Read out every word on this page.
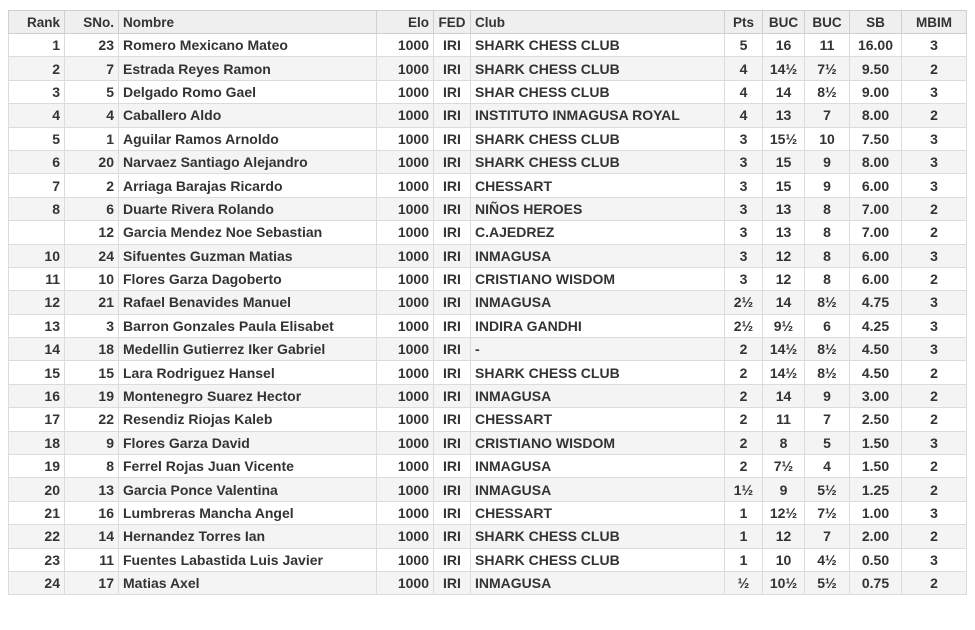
Rank	SNo.	Nombre	Elo	FED	Club	Pts	BUC	BUC	SB	MBIM
1	23	Romero Mexicano Mateo	1000	IRI	SHARK CHESS CLUB	5	16	11	16.00	3
2	7	Estrada Reyes Ramon	1000	IRI	SHARK CHESS CLUB	4	14½	7½	9.50	2
3	5	Delgado Romo Gael	1000	IRI	SHAR CHESS CLUB	4	14	8½	9.00	3
4	4	Caballero Aldo	1000	IRI	INSTITUTO INMAGUSA ROYAL	4	13	7	8.00	2
5	1	Aguilar Ramos Arnoldo	1000	IRI	SHARK CHESS CLUB	3	15½	10	7.50	3
6	20	Narvaez Santiago Alejandro	1000	IRI	SHARK CHESS CLUB	3	15	9	8.00	3
7	2	Arriaga Barajas Ricardo	1000	IRI	CHESSART	3	15	9	6.00	3
8	6	Duarte Rivera Rolando	1000	IRI	NIÑOS HEROES	3	13	8	7.00	2
	12	Garcia Mendez Noe Sebastian	1000	IRI	C.AJEDREZ	3	13	8	7.00	2
10	24	Sifuentes Guzman Matias	1000	IRI	INMAGUSA	3	12	8	6.00	3
11	10	Flores Garza Dagoberto	1000	IRI	CRISTIANO WISDOM	3	12	8	6.00	2
12	21	Rafael Benavides Manuel	1000	IRI	INMAGUSA	2½	14	8½	4.75	3
13	3	Barron Gonzales Paula Elisabet	1000	IRI	INDIRA GANDHI	2½	9½	6	4.25	3
14	18	Medellin Gutierrez Iker Gabriel	1000	IRI	-	2	14½	8½	4.50	3
15	15	Lara Rodriguez Hansel	1000	IRI	SHARK CHESS CLUB	2	14½	8½	4.50	2
16	19	Montenegro Suarez Hector	1000	IRI	INMAGUSA	2	14	9	3.00	2
17	22	Resendiz Riojas Kaleb	1000	IRI	CHESSART	2	11	7	2.50	2
18	9	Flores Garza David	1000	IRI	CRISTIANO WISDOM	2	8	5	1.50	3
19	8	Ferrel Rojas Juan Vicente	1000	IRI	INMAGUSA	2	7½	4	1.50	2
20	13	Garcia Ponce Valentina	1000	IRI	INMAGUSA	1½	9	5½	1.25	2
21	16	Lumbreras Mancha Angel	1000	IRI	CHESSART	1	12½	7½	1.00	3
22	14	Hernandez Torres Ian	1000	IRI	SHARK CHESS CLUB	1	12	7	2.00	2
23	11	Fuentes Labastida Luis Javier	1000	IRI	SHARK CHESS CLUB	1	10	4½	0.50	3
24	17	Matias Axel	1000	IRI	INMAGUSA	½	10½	5½	0.75	2
